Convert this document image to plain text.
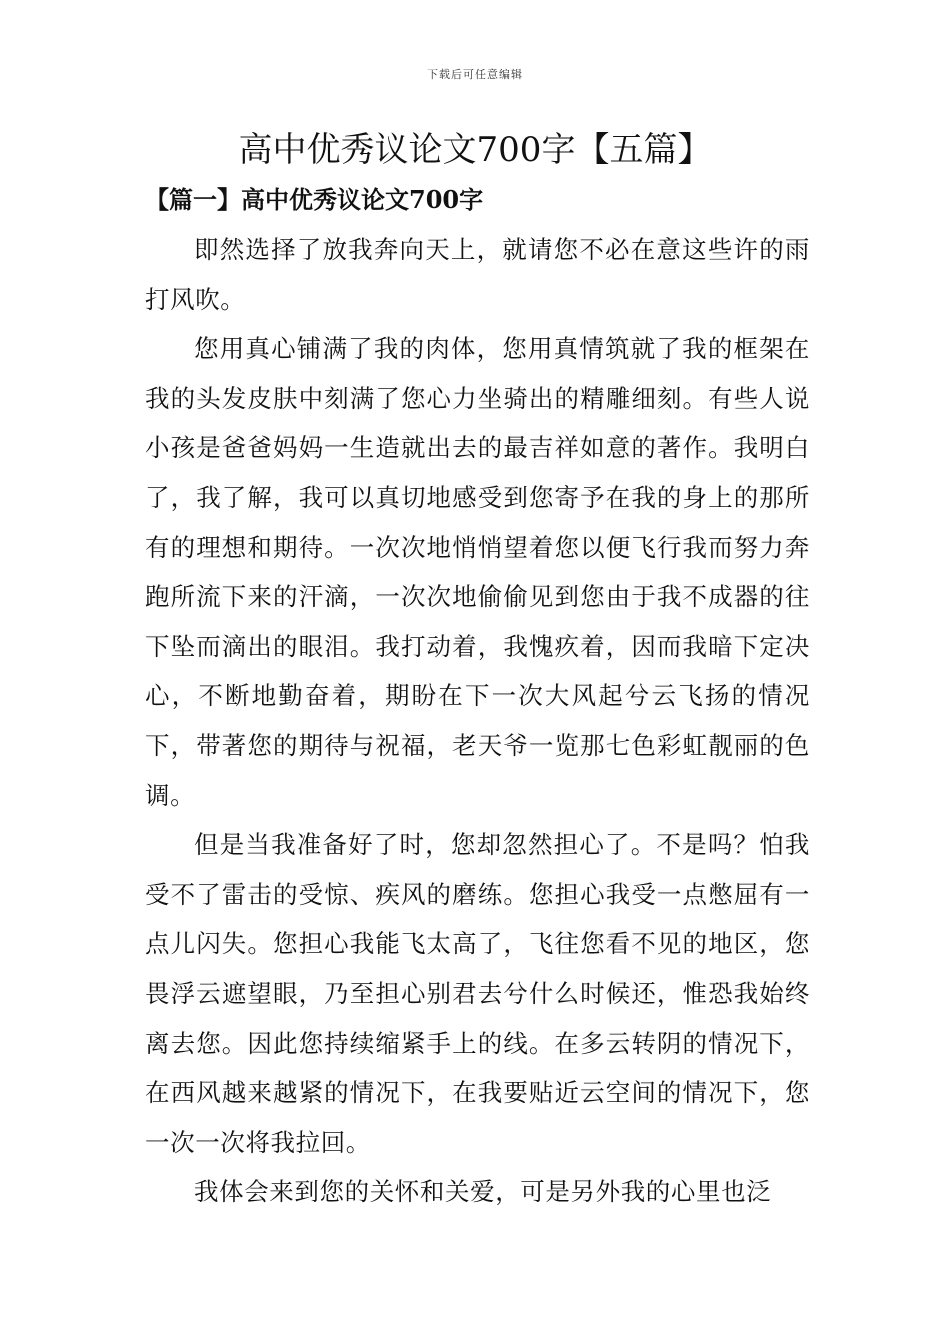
下载后可任意编辑
高中优秀议论文700字【五篇】
【篇一】高中优秀议论文700字

即然选择了放我奔向天上，就请您不必在意这些许的雨打风吹。

您用真心铺满了我的肉体，您用真情筑就了我的框架在我的头发皮肤中刻满了您心力坐骑出的精雕细刻。有些人说小孩是爸爸妈妈一生造就出去的最吉祥如意的著作。我明白了，我了解，我可以真切地感受到您寄予在我的身上的那所有的理想和期待。一次次地悄悄望着您以便飞行我而努力奔跑所流下来的汗滴，一次次地偷偷见到您由于我不成器的往下坠而滴出的眼泪。我打动着，我愧疚着，因而我暗下定决心，不断地勤奋着，期盼在下一次大风起兮云飞扬的情况下，带著您的期待与祝福，老天爷一览那七色彩虹靓丽的色调。

但是当我准备好了时，您却忽然担心了。不是吗？怕我受不了雷击的受惊、疾风的磨练。您担心我受一点憋屈有一点儿闪失。您担心我能飞太高了，飞往您看不见的地区，您畏浮云遮望眼，乃至担心别君去兮什么时候还，惟恐我始终离去您。因此您持续缩紧手上的线。在多云转阴的情况下，在西风越来越紧的情况下，在我要贴近云空间的情况下，您一次一次将我拉回。

我体会来到您的关怀和关爱，可是另外我的心里也泛
